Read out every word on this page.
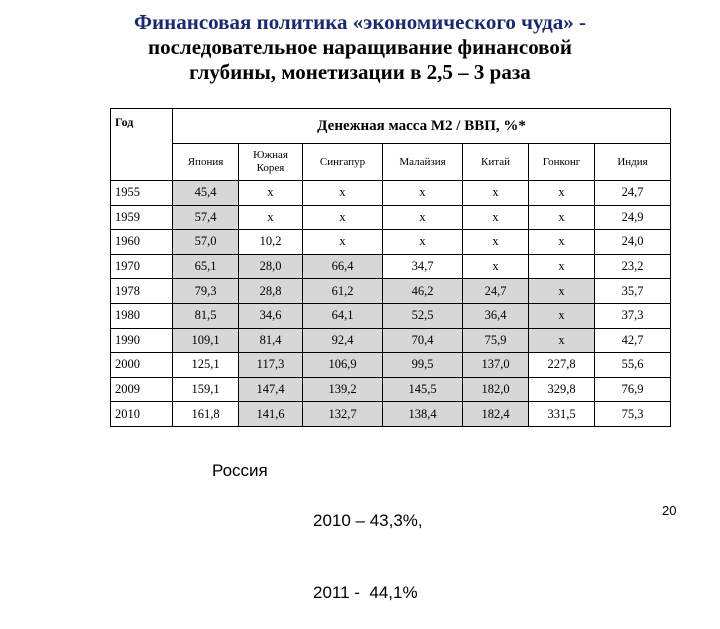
Финансовая политика «экономического чуда» -
последовательное наращивание финансовой
глубины, монетизации в 2,5 – 3 раза
Год	Денежная масса М2 / ВВП, %*						
	Япония	Южная Корея	Сингапур	Малайзия	Китай	Гонконг	Индия
1955	45,4	х	х	х	х	х	24,7
1959	57,4	х	х	х	х	х	24,9
1960	57,0	10,2	х	х	х	х	24,0
1970	65,1	28,0	66,4	34,7	х	х	23,2
1978	79,3	28,8	61,2	46,2	24,7	х	35,7
1980	81,5	34,6	64,1	52,5	36,4	х	37,3
1990	109,1	81,4	92,4	70,4	75,9	х	42,7
2000	125,1	117,3	106,9	99,5	137,0	227,8	55,6
2009	159,1	147,4	139,2	145,5	182,0	329,8	76,9
2010	161,8	141,6	132,7	138,4	182,4	331,5	75,3
Россия

2010 – 43,3%,

2011 -  44,1%

20
